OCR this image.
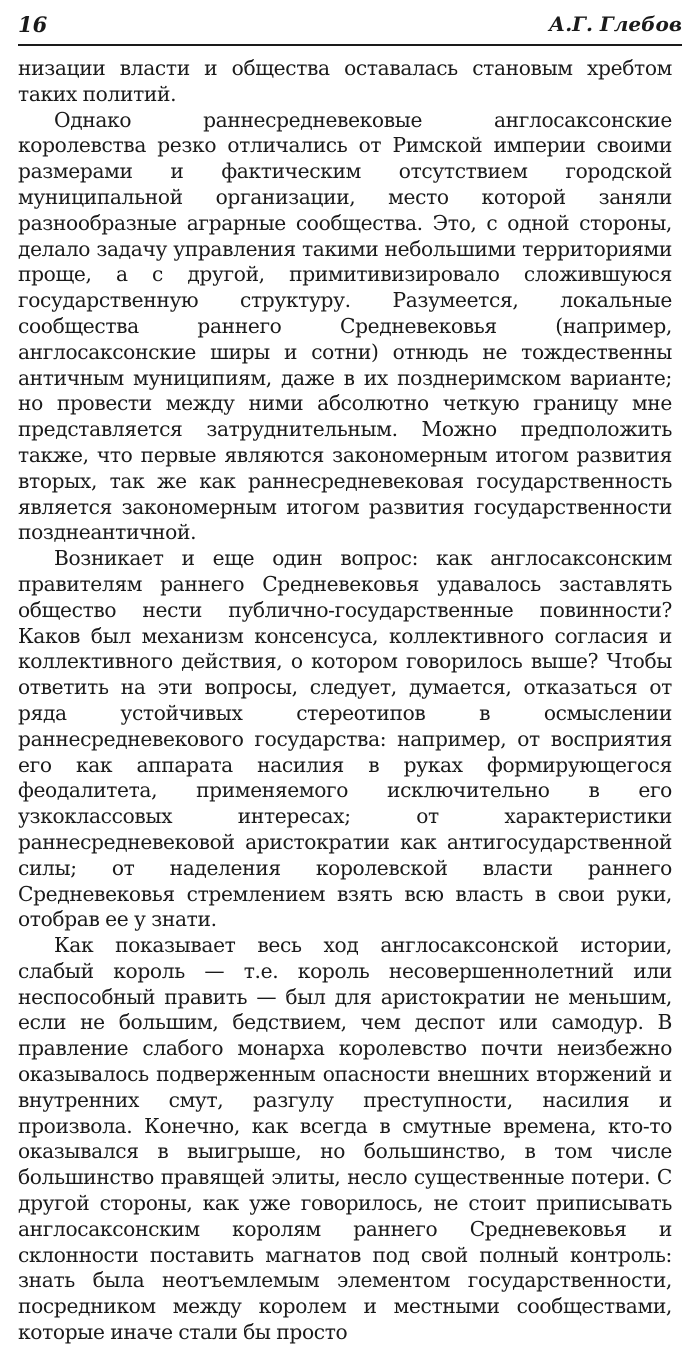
16	А.Г. Глебов

низации власти и общества оставалась становым хребтом таких политий.

Однако раннесредневековые англосаксонские королевства резко отличались от Римской империи своими размерами и фактическим отсутствием городской муниципальной организации, место которой заняли разнообразные аграрные сообщества. Это, с одной стороны, делало задачу управления такими небольшими территориями проще, а с другой, примитивизировало сложившуюся государственную структуру. Разумеется, локальные сообщества раннего Средневековья (например, англосаксонские ширы и сотни) отнюдь не тождественны античным муниципиям, даже в их позднеримском варианте; но провести между ними абсолютно четкую границу мне представляется затруднительным. Можно предположить также, что первые являются закономерным итогом развития вторых, так же как раннесредневековая государственность является закономерным итогом развития государственности позднеантичной.

Возникает и еще один вопрос: как англосаксонским правителям раннего Средневековья удавалось заставлять общество нести публично-государственные повинности? Каков был механизм консенсуса, коллективного согласия и коллективного действия, о котором говорилось выше? Чтобы ответить на эти вопросы, следует, думается, отказаться от ряда устойчивых стереотипов в осмыслении раннесредневекового государства: например, от восприятия его как аппарата насилия в руках формирующегося феодалитета, применяемого исключительно в его узкоклассовых интересах; от характеристики раннесредневековой аристократии как антигосударственной силы; от наделения королевской власти раннего Средневековья стремлением взять всю власть в свои руки, отобрав ее у знати.

Как показывает весь ход англосаксонской истории, слабый король — т.е. король несовершеннолетний или неспособный править — был для аристократии не меньшим, если не большим, бедствием, чем деспот или самодур. В правление слабого монарха королевство почти неизбежно оказывалось подверженным опасности внешних вторжений и внутренних смут, разгулу преступности, насилия и произвола. Конечно, как всегда в смутные времена, кто-то оказывался в выигрыше, но большинство, в том числе большинство правящей элиты, несло существенные потери. С другой стороны, как уже говорилось, не стоит приписывать англосаксонским королям раннего Средневековья и склонности поставить магнатов под свой полный контроль: знать была неотъемлемым элементом государственности, посредником между королем и местными сообществами, которые иначе стали бы просто
